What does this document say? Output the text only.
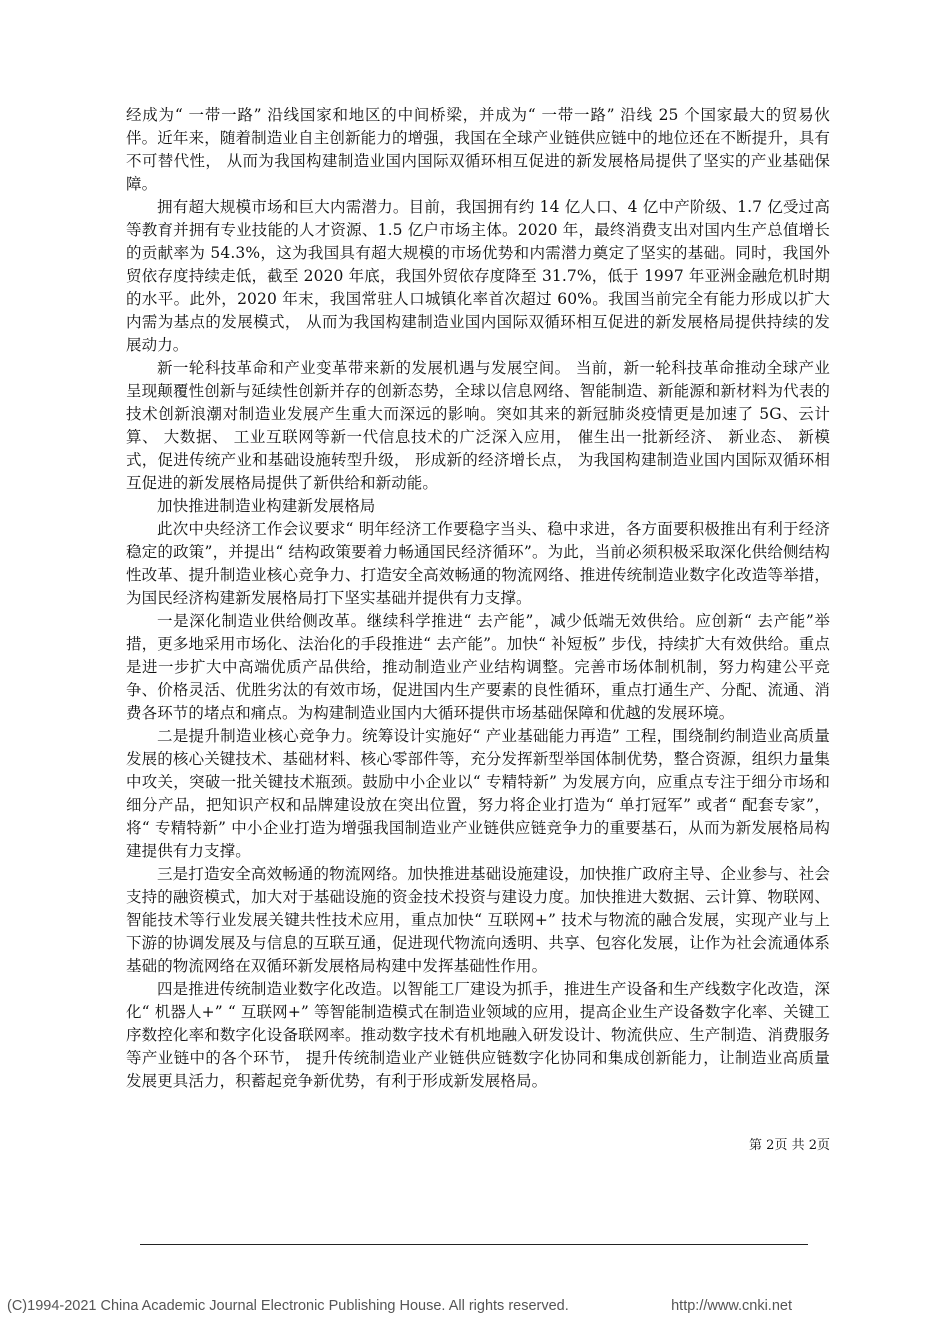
经成为“ 一带一路” 沿线国家和地区的中间桥梁，并成为“ 一带一路” 沿线 25 个国家最大的贸易伙伴。近年来，随着制造业自主创新能力的增强，我国在全球产业链供应链中的地位还在不断提升，具有不可替代性， 从而为我国构建制造业国内国际双循环相互促进的新发展格局提供了坚实的产业基础保障。

拥有超大规模市场和巨大内需潜力。目前，我国拥有约 14 亿人口、4 亿中产阶级、1.7 亿受过高等教育并拥有专业技能的人才资源、1.5 亿户市场主体。2020 年，最终消费支出对国内生产总值增长的贡献率为 54.3%，这为我国具有超大规模的市场优势和内需潜力奠定了坚实的基础。同时，我国外贸依存度持续走低，截至 2020 年底，我国外贸依存度降至 31.7%，低于 1997 年亚洲金融危机时期的水平。此外，2020 年末，我国常驻人口城镇化率首次超过 60%。我国当前完全有能力形成以扩大内需为基点的发展模式， 从而为我国构建制造业国内国际双循环相互促进的新发展格局提供持续的发展动力。

新一轮科技革命和产业变革带来新的发展机遇与发展空间。 当前，新一轮科技革命推动全球产业呈现颠覆性创新与延续性创新并存的创新态势，全球以信息网络、智能制造、新能源和新材料为代表的技术创新浪潮对制造业发展产生重大而深远的影响。突如其来的新冠肺炎疫情更是加速了 5G、云计算、 大数据、 工业互联网等新一代信息技术的广泛深入应用， 催生出一批新经济、 新业态、 新模式，促进传统产业和基础设施转型升级， 形成新的经济增长点， 为我国构建制造业国内国际双循环相互促进的新发展格局提供了新供给和新动能。

加快推进制造业构建新发展格局

此次中央经济工作会议要求“ 明年经济工作要稳字当头、稳中求进，各方面要积极推出有利于经济稳定的政策”，并提出“ 结构政策要着力畅通国民经济循环”。为此，当前必须积极采取深化供给侧结构性改革、提升制造业核心竞争力、打造安全高效畅通的物流网络、推进传统制造业数字化改造等举措，为国民经济构建新发展格局打下坚实基础并提供有力支撑。

一是深化制造业供给侧改革。继续科学推进“ 去产能”，减少低端无效供给。应创新“ 去产能”举措，更多地采用市场化、法治化的手段推进“ 去产能”。加快“ 补短板” 步伐，持续扩大有效供给。重点是进一步扩大中高端优质产品供给，推动制造业产业结构调整。完善市场体制机制，努力构建公平竞争、价格灵活、优胜劣汰的有效市场，促进国内生产要素的良性循环，重点打通生产、分配、流通、消费各环节的堵点和痛点。为构建制造业国内大循环提供市场基础保障和优越的发展环境。

二是提升制造业核心竞争力。统筹设计实施好“ 产业基础能力再造” 工程，围绕制约制造业高质量发展的核心关键技术、基础材料、核心零部件等，充分发挥新型举国体制优势，整合资源，组织力量集中攻关，突破一批关键技术瓶颈。鼓励中小企业以“ 专精特新” 为发展方向，应重点专注于细分市场和细分产品，把知识产权和品牌建设放在突出位置，努力将企业打造为“ 单打冠军” 或者“ 配套专家”，将“ 专精特新” 中小企业打造为增强我国制造业产业链供应链竞争力的重要基石，从而为新发展格局构建提供有力支撑。

三是打造安全高效畅通的物流网络。加快推进基础设施建设，加快推广政府主导、企业参与、社会支持的融资模式，加大对于基础设施的资金技术投资与建设力度。加快推进大数据、云计算、物联网、智能技术等行业发展关键共性技术应用，重点加快“ 互联网+” 技术与物流的融合发展，实现产业与上下游的协调发展及与信息的互联互通，促进现代物流向透明、共享、包容化发展，让作为社会流通体系基础的物流网络在双循环新发展格局构建中发挥基础性作用。

四是推进传统制造业数字化改造。以智能工厂建设为抓手，推进生产设备和生产线数字化改造，深化“ 机器人+” “ 互联网+” 等智能制造模式在制造业领域的应用，提高企业生产设备数字化率、关键工序数控化率和数字化设备联网率。推动数字技术有机地融入研发设计、物流供应、生产制造、消费服务等产业链中的各个环节， 提升传统制造业产业链供应链数字化协同和集成创新能力，让制造业高质量发展更具活力，积蓄起竞争新优势，有利于形成新发展格局。

第 2页 共 2页
(C)1994-2021 China Academic Journal Electronic Publishing House. All rights reserved.	http://www.cnki.net
